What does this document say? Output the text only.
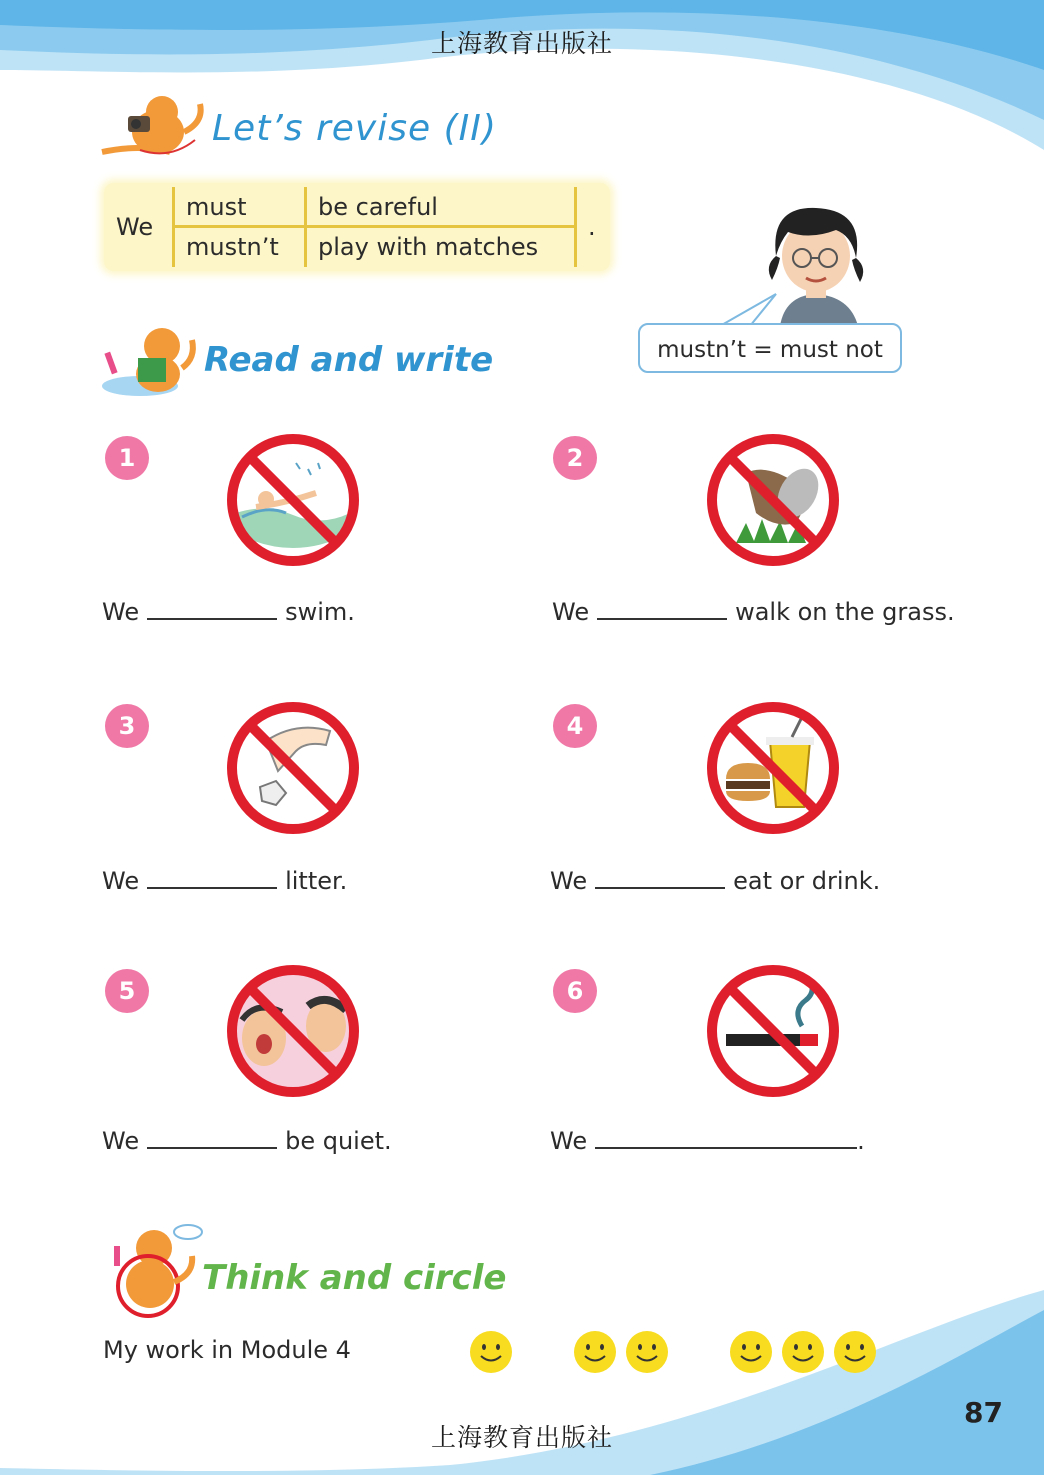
上海教育出版社
Let’s revise (II)
We
must	be careful
mustn’t play with matches
.
mustn’t = must not
Read and write
1
We	swim.
2
We	walk on the grass.
3
We	litter.
4
We	eat or drink.
5
We	be quiet.
6
We	.
Think and circle
My work in Module 4
上海教育出版社
87
